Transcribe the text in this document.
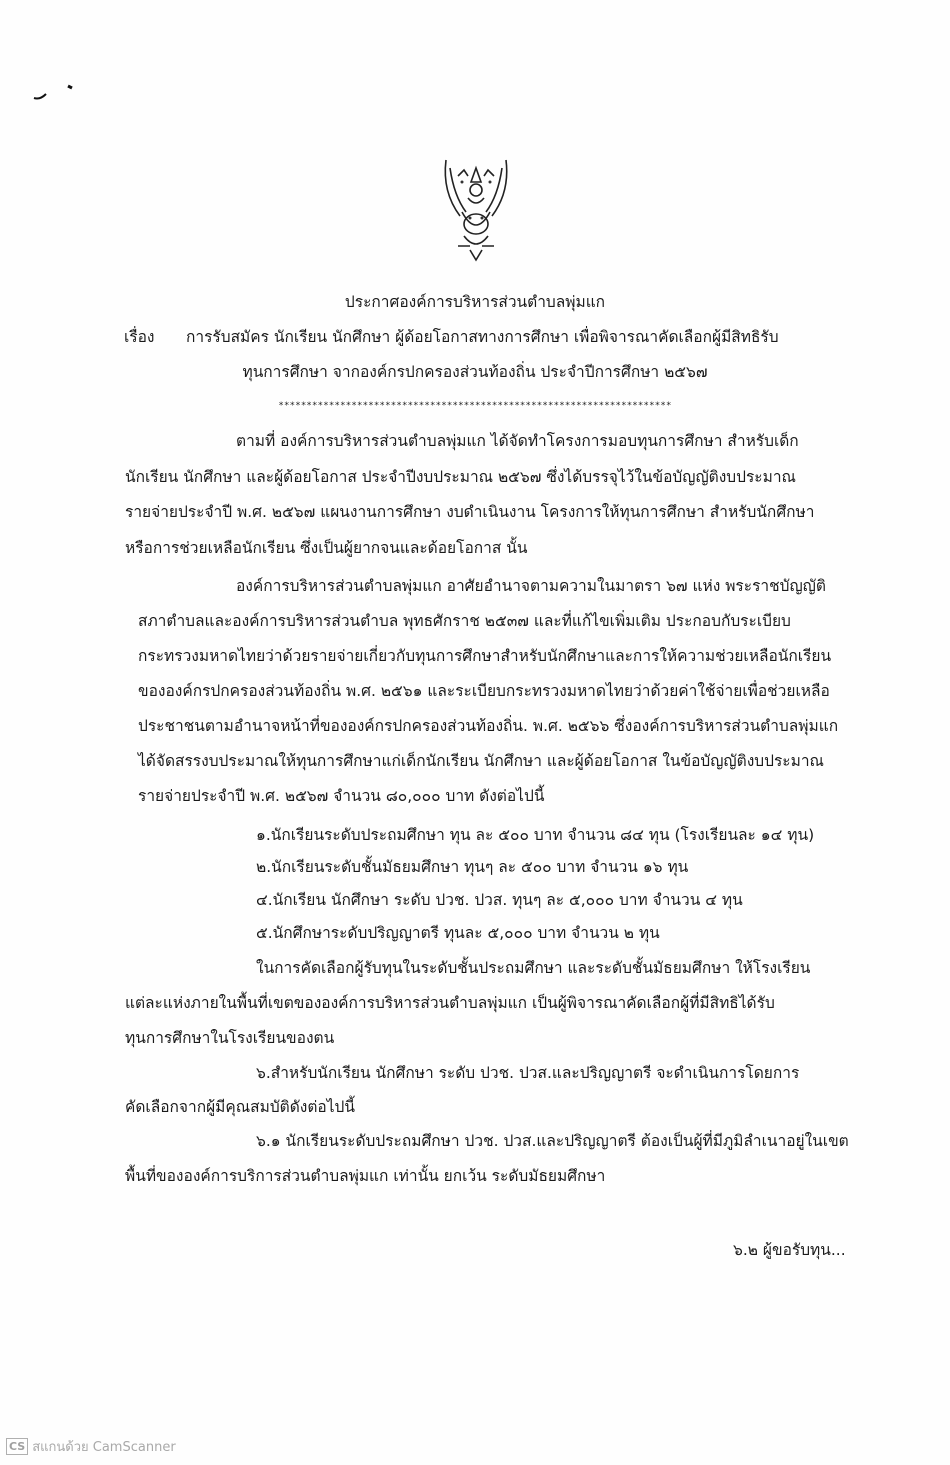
ประกาศองค์การบริหารส่วนตำบลพุ่มแก
เรื่อง การรับสมัคร นักเรียน นักศึกษา ผู้ด้อยโอกาสทางการศึกษา เพื่อพิจารณาคัดเลือกผู้มีสิทธิรับ
ทุนการศึกษา จากองค์กรปกครองส่วนท้องถิ่น ประจำปีการศึกษา ๒๕๖๗
**********************************************************************
ตามที่ องค์การบริหารส่วนตำบลพุ่มแก ได้จัดทำโครงการมอบทุนการศึกษา สำหรับเด็ก
นักเรียน นักศึกษา และผู้ด้อยโอกาส ประจำปีงบประมาณ ๒๕๖๗ ซึ่งได้บรรจุไว้ในข้อบัญญัติงบประมาณ
รายจ่ายประจำปี พ.ศ. ๒๕๖๗ แผนงานการศึกษา งบดำเนินงาน โครงการให้ทุนการศึกษา สำหรับนักศึกษา
หรือการช่วยเหลือนักเรียน ซึ่งเป็นผู้ยากจนและด้อยโอกาส นั้น
องค์การบริหารส่วนตำบลพุ่มแก อาศัยอำนาจตามความในมาตรา ๖๗ แห่ง พระราชบัญญัติ
สภาตำบลและองค์การบริหารส่วนตำบล พุทธศักราช ๒๕๓๗ และที่แก้ไขเพิ่มเติม ประกอบกับระเบียบ
กระทรวงมหาดไทยว่าด้วยรายจ่ายเกี่ยวกับทุนการศึกษาสำหรับนักศึกษาและการให้ความช่วยเหลือนักเรียน
ขององค์กรปกครองส่วนท้องถิ่น พ.ศ. ๒๕๖๑ และระเบียบกระทรวงมหาดไทยว่าด้วยค่าใช้จ่ายเพื่อช่วยเหลือ
ประชาชนตามอำนาจหน้าที่ขององค์กรปกครองส่วนท้องถิ่น. พ.ศ. ๒๕๖๖ ซึ่งองค์การบริหารส่วนตำบลพุ่มแก
ได้จัดสรรงบประมาณให้ทุนการศึกษาแก่เด็กนักเรียน นักศึกษา และผู้ด้อยโอกาส ในข้อบัญญัติงบประมาณ
รายจ่ายประจำปี พ.ศ. ๒๕๖๗ จำนวน ๘๐,๐๐๐ บาท ดังต่อไปนี้
๑.นักเรียนระดับประถมศึกษา ทุน ละ ๕๐๐ บาท จำนวน ๘๔ ทุน (โรงเรียนละ ๑๔ ทุน)
๒.นักเรียนระดับชั้นมัธยมศึกษา ทุนๆ ละ ๕๐๐ บาท จำนวน ๑๖ ทุน
๔.นักเรียน นักศึกษา ระดับ ปวช. ปวส. ทุนๆ ละ ๕,๐๐๐ บาท จำนวน ๔ ทุน
๕.นักศึกษาระดับปริญญาตรี ทุนละ ๕,๐๐๐ บาท จำนวน ๒ ทุน
ในการคัดเลือกผู้รับทุนในระดับชั้นประถมศึกษา และระดับชั้นมัธยมศึกษา ให้โรงเรียน
แต่ละแห่งภายในพื้นที่เขตขององค์การบริหารส่วนตำบลพุ่มแก เป็นผู้พิจารณาคัดเลือกผู้ที่มีสิทธิได้รับ
ทุนการศึกษาในโรงเรียนของตน
๖.สำหรับนักเรียน นักศึกษา ระดับ ปวช. ปวส.และปริญญาตรี จะดำเนินการโดยการ
คัดเลือกจากผู้มีคุณสมบัติดังต่อไปนี้
๖.๑ นักเรียนระดับประถมศึกษา ปวช. ปวส.และปริญญาตรี ต้องเป็นผู้ที่มีภูมิลำเนาอยู่ในเขต
พื้นที่ขององค์การบริการส่วนตำบลพุ่มแก เท่านั้น ยกเว้น ระดับมัธยมศึกษา
๖.๒ ผู้ขอรับทุน...
CS สแกนด้วย CamScanner
